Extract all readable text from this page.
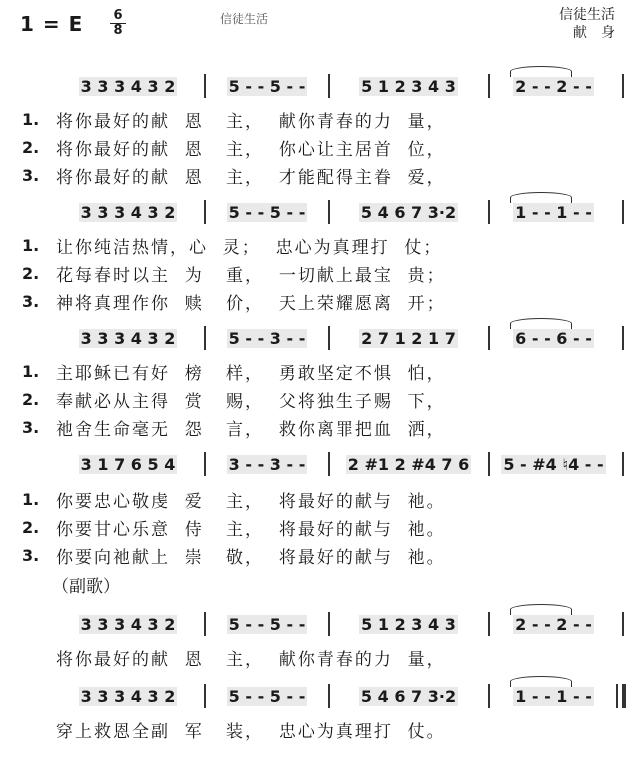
1 = E 6
8
信徒生活	信徒生活
献　身
3 3 3 4 3 2	5 - - 5 - -	5 1 2 3 4 3	2 - - 2 - -
1. 将你最好的献  恩   主，  献你青春的力  量，
2. 将你最好的献  恩   主，  你心让主居首  位，
3. 将你最好的献  恩   主，  才能配得主眷  爱，
3 3 3 4 3 2	5 - - 5 - -	5 4 6 7 3·2	1 - - 1 - -
1. 让你纯洁热情，心  灵；  忠心为真理打  仗；
2. 花每春时以主  为   重，  一切献上最宝  贵；
3. 神将真理作你  赎   价，  天上荣耀愿离  开；
3 3 3 4 3 2	5 - - 3 - -	2 7 1 2 1 7	6 - - 6 - -
1. 主耶稣已有好  榜   样，  勇敢坚定不惧  怕，
2. 奉献必从主得  赏   赐，  父将独生子赐  下，
3. 祂舍生命毫无  怨   言，  救你离罪把血  洒，
3 1 7 6 5 4	3 - - 3 - -	2 #1 2 #4 7 6 5 - #4 ♮4 - -
1. 你要忠心敬虔  爱   主，  将最好的献与  祂。
2. 你要甘心乐意  侍   主，  将最好的献与  祂。
3. 你要向祂献上  崇   敬，  将最好的献与  祂。
（副歌）
3 3 3 4 3 2	5 - - 5 - -	5 1 2 3 4 3	2 - - 2 - -
将你最好的献  恩   主，  献你青春的力  量，
3 3 3 4 3 2	5 - - 5 - -	5 4 6 7 3·2	1 - - 1 - -
穿上救恩全副  军   装，  忠心为真理打  仗。
